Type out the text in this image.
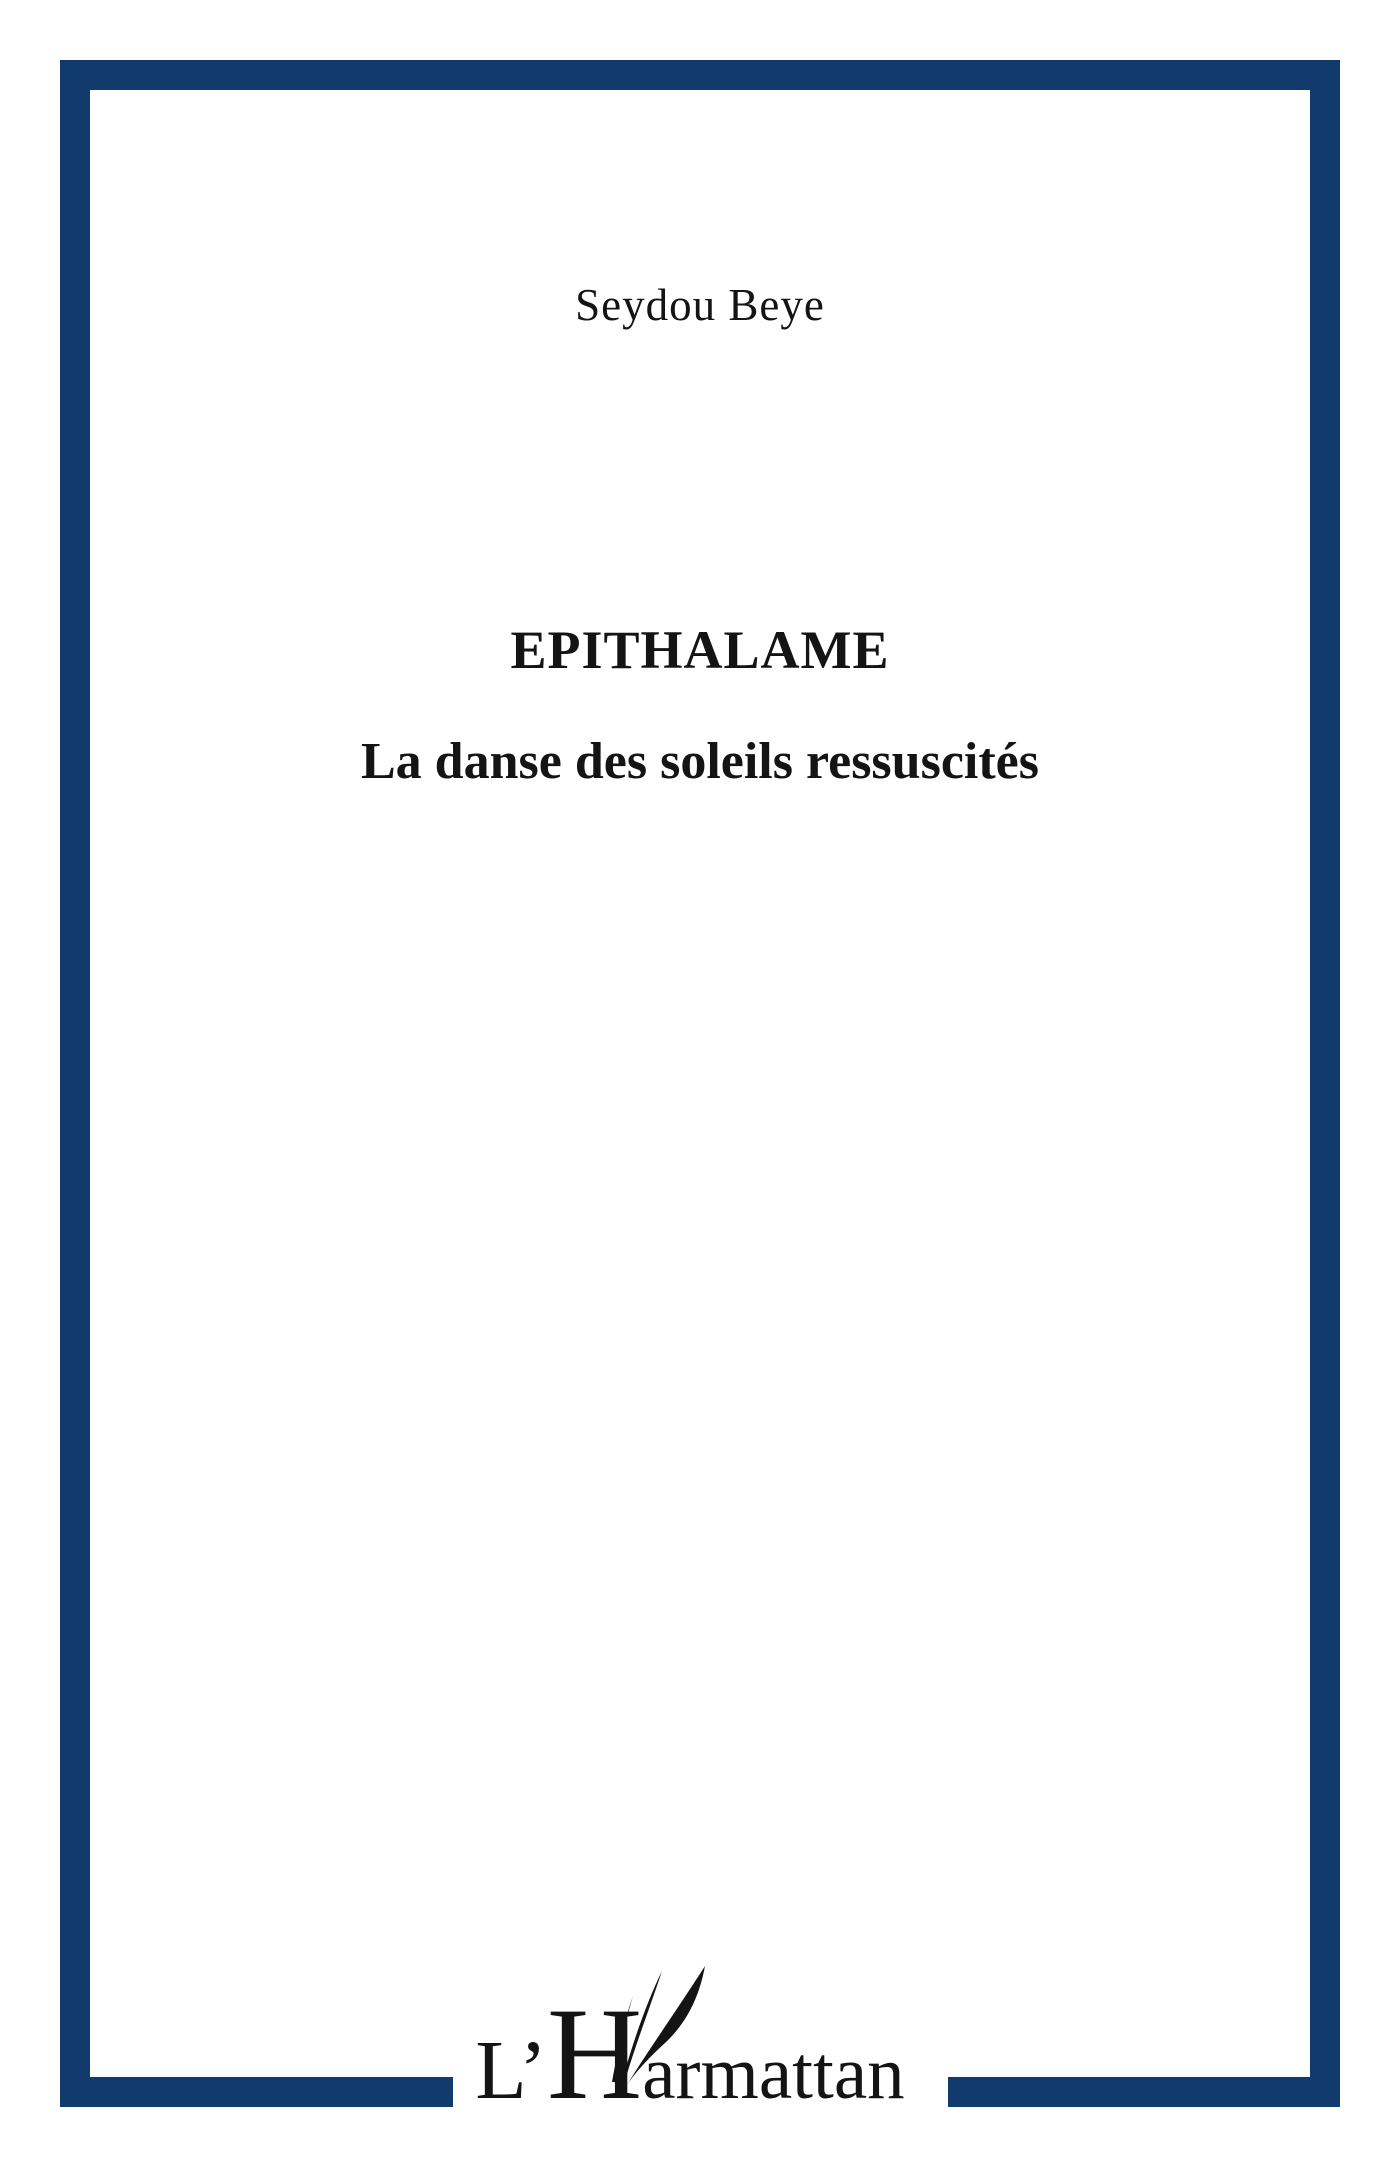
Seydou Beye
EPITHALAME
La danse des soleils ressuscités
L’ H armattan
